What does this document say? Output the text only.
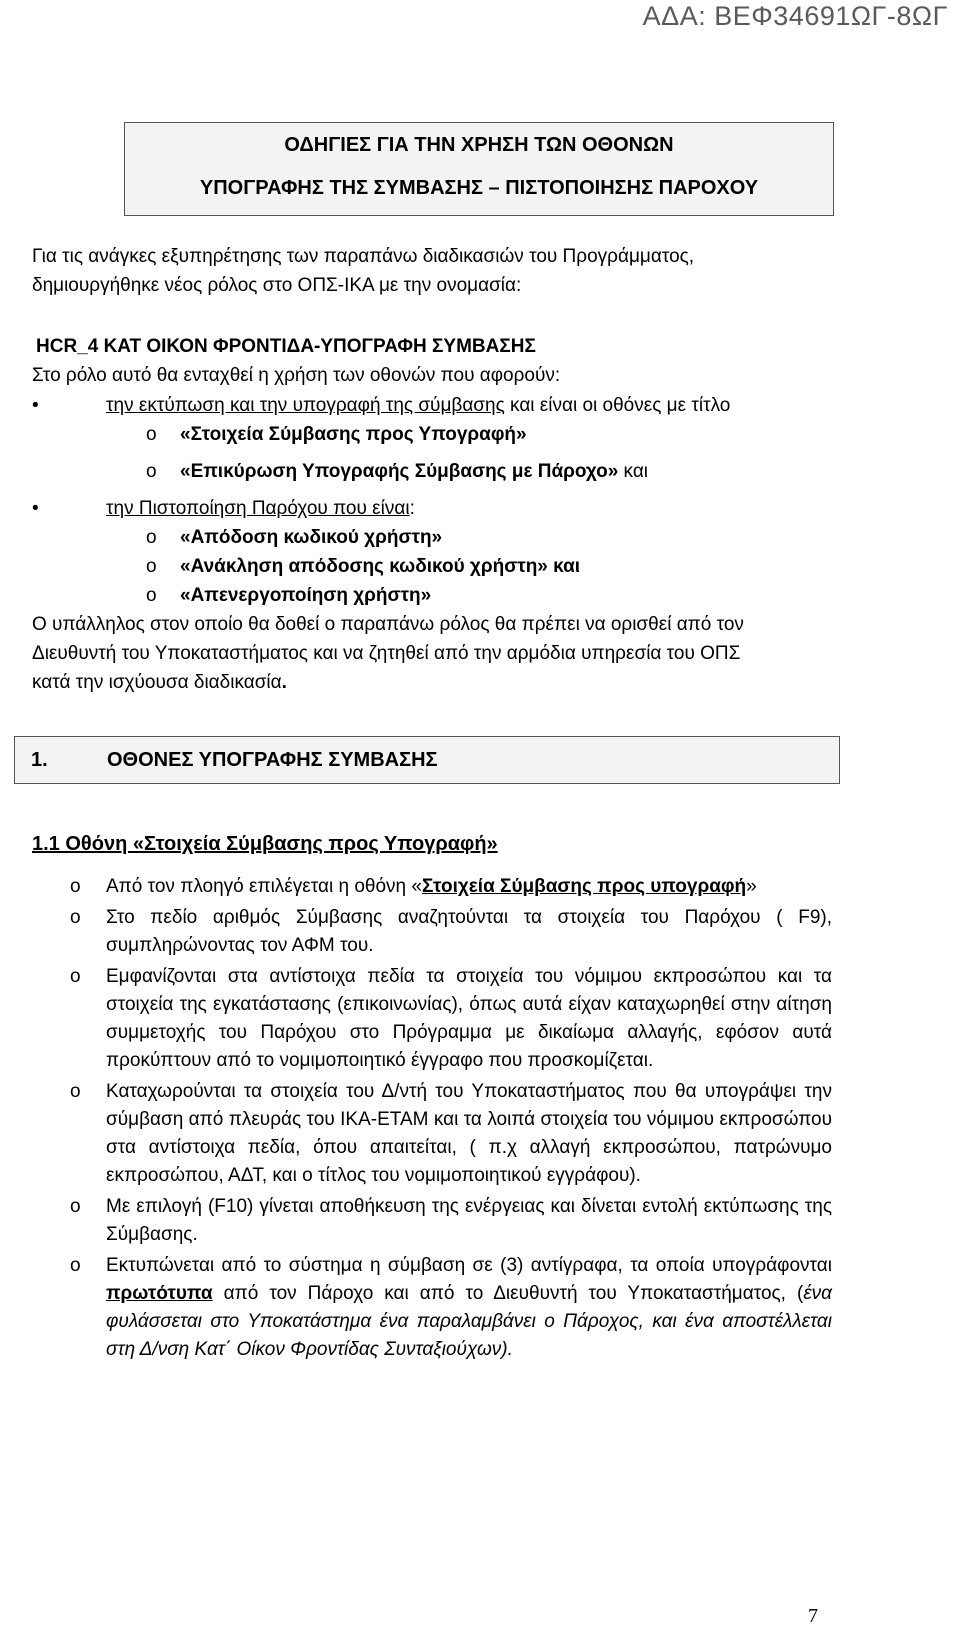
ΑΔΑ: ΒΕΦ34691ΩΓ-8ΩΓ
ΟΔΗΓΙΕΣ ΓΙΑ ΤΗΝ ΧΡΗΣΗ ΤΩΝ ΟΘΟΝΩΝ
ΥΠΟΓΡΑΦΗΣ ΤΗΣ ΣΥΜΒΑΣΗΣ – ΠΙΣΤΟΠΟΙΗΣΗΣ ΠΑΡΟΧΟΥ
Για τις ανάγκες εξυπηρέτησης των παραπάνω διαδικασιών του Προγράμματος,
δημιουργήθηκε νέος ρόλος στο ΟΠΣ-ΙΚΑ με την ονομασία:
HCR_4 ΚΑΤ ΟΙΚΟΝ ΦΡΟΝΤΙΔΑ-ΥΠΟΓΡΑΦΗ ΣΥΜΒΑΣΗΣ
Στο ρόλο αυτό θα ενταχθεί η χρήση των οθονών που αφορούν:
•	την εκτύπωση και την υπογραφή της σύμβασης και είναι οι οθόνες με τίτλο
o «Στοιχεία Σύμβασης προς Υπογραφή»
o «Επικύρωση Υπογραφής Σύμβασης με Πάροχο» και
•	την Πιστοποίηση Παρόχου που είναι:
o «Απόδοση κωδικού χρήστη»
o «Ανάκληση απόδοσης κωδικού χρήστη» και
o «Απενεργοποίηση χρήστη»
Ο υπάλληλος στον οποίο θα δοθεί ο παραπάνω ρόλος θα πρέπει να ορισθεί από τον
Διευθυντή του Υποκαταστήματος και να ζητηθεί από την αρμόδια υπηρεσία του ΟΠΣ
κατά την ισχύουσα διαδικασία.
1.	ΟΘΟΝΕΣ ΥΠΟΓΡΑΦΗΣ ΣΥΜΒΑΣΗΣ
1.1 Οθόνη «Στοιχεία Σύμβασης προς Υπογραφή»
o Από τον πλοηγό επιλέγεται η οθόνη «Στοιχεία Σύμβασης προς υπογραφή»
o Στο πεδίο αριθμός Σύμβασης αναζητούνται τα στοιχεία του Παρόχου ( F9), συμπληρώνοντας τον ΑΦΜ του.
o Εμφανίζονται στα αντίστοιχα πεδία τα στοιχεία του νόμιμου εκπροσώπου και τα στοιχεία της εγκατάστασης (επικοινωνίας), όπως αυτά είχαν καταχωρηθεί στην αίτηση συμμετοχής του Παρόχου στο Πρόγραμμα με δικαίωμα αλλαγής, εφόσον αυτά προκύπτουν από το νομιμοποιητικό έγγραφο που προσκομίζεται.
o Καταχωρούνται τα στοιχεία του Δ/ντή του Υποκαταστήματος που θα υπογράψει την σύμβαση από πλευράς του ΙΚΑ-ΕΤΑΜ και τα λοιπά στοιχεία του νόμιμου εκπροσώπου στα αντίστοιχα πεδία, όπου απαιτείται, ( π.χ αλλαγή εκπροσώπου, πατρώνυμο εκπροσώπου, ΑΔΤ, και ο τίτλος του νομιμοποιητικού εγγράφου).
o Με επιλογή (F10) γίνεται αποθήκευση της ενέργειας και δίνεται εντολή εκτύπωσης της Σύμβασης.
o Εκτυπώνεται από το σύστημα η σύμβαση σε (3) αντίγραφα, τα οποία υπογράφονται πρωτότυπα από τον Πάροχο και από το Διευθυντή του Υποκαταστήματος, (ένα φυλάσσεται στο Υποκατάστημα ένα παραλαμβάνει ο Πάροχος, και ένα αποστέλλεται στη Δ/νση Κατ΄ Οίκον Φροντίδας Συνταξιούχων).
7
